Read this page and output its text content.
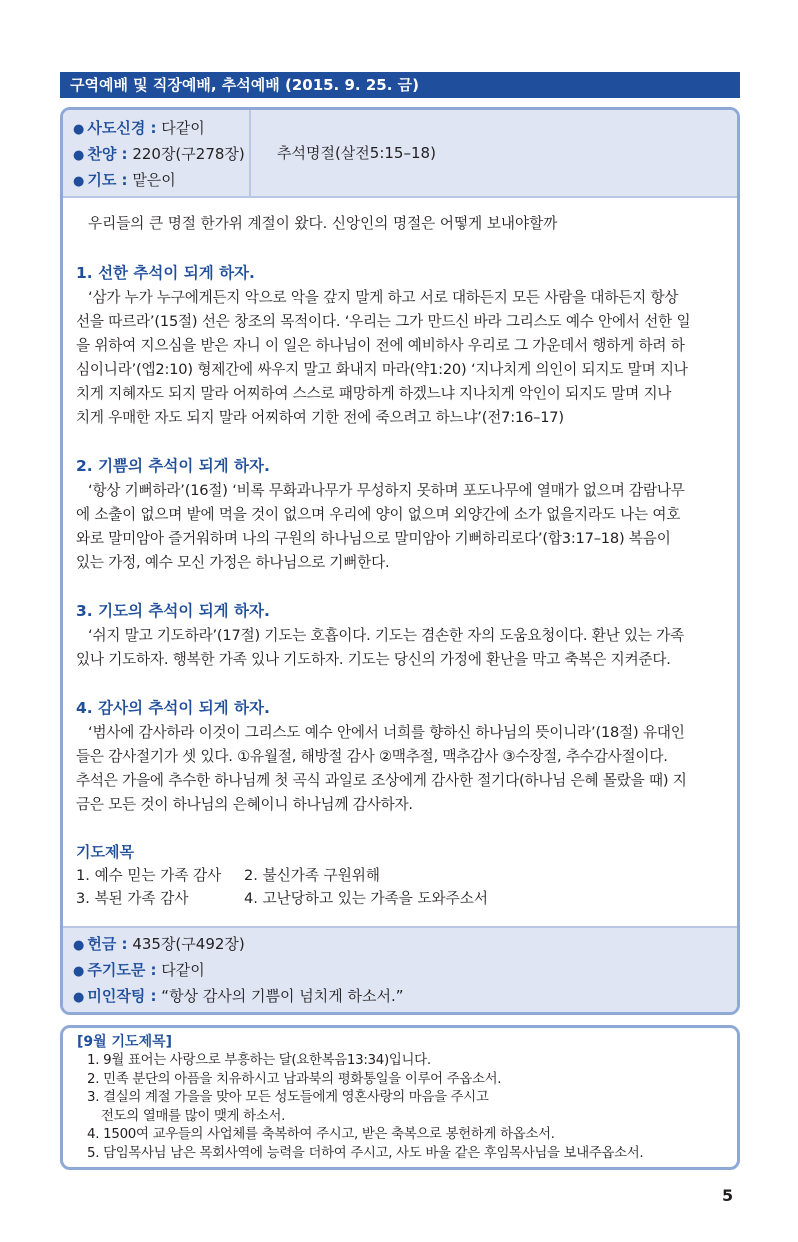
구역예배 및 직장예배, 추석예배 (2015. 9. 25. 금)
● 사도신경 : 다같이
● 찬양 : 220장(구278장)
● 기도 : 맡은이
추석명절(살전5:15–18)
우리들의 큰 명절 한가위 계절이 왔다. 신앙인의 명절은 어떻게 보내야할까
1. 선한 추석이 되게 하자.
‘삼가 누가 누구에게든지 악으로 악을 갚지 말게 하고 서로 대하든지 모든 사람을 대하든지 항상
선을 따르라’(15절) 선은 창조의 목적이다. ‘우리는 그가 만드신 바라 그리스도 예수 안에서 선한 일
을 위하여 지으심을 받은 자니 이 일은 하나님이 전에 예비하사 우리로 그 가운데서 행하게 하려 하
심이니라’(엡2:10) 형제간에 싸우지 말고 화내지 마라(약1:20) ‘지나치게 의인이 되지도 말며 지나
치게 지혜자도 되지 말라 어찌하여 스스로 패망하게 하겠느냐 지나치게 악인이 되지도 말며 지나
치게 우매한 자도 되지 말라 어찌하여 기한 전에 죽으려고 하느냐’(전7:16–17)
2. 기쁨의 추석이 되게 하자.
‘항상 기뻐하라’(16절) ‘비록 무화과나무가 무성하지 못하며 포도나무에 열매가 없으며 감람나무
에 소출이 없으며 밭에 먹을 것이 없으며 우리에 양이 없으며 외양간에 소가 없을지라도 나는 여호
와로 말미암아 즐거워하며 나의 구원의 하나님으로 말미암아 기뻐하리로다’(합3:17–18) 복음이
있는 가정, 예수 모신 가정은 하나님으로 기뻐한다.
3. 기도의 추석이 되게 하자.
‘쉬지 말고 기도하라’(17절) 기도는 호흡이다. 기도는 겸손한 자의 도움요청이다. 환난 있는 가족
있나 기도하자. 행복한 가족 있나 기도하자. 기도는 당신의 가정에 환난을 막고 축복은 지켜준다.
4. 감사의 추석이 되게 하자.
‘범사에 감사하라 이것이 그리스도 예수 안에서 너희를 향하신 하나님의 뜻이니라’(18절) 유대인
들은 감사절기가 셋 있다. ①유월절, 해방절 감사 ②맥추절, 맥추감사 ③수장절, 추수감사절이다.
추석은 가을에 추수한 하나님께 첫 곡식 과일로 조상에게 감사한 절기다(하나님 은혜 몰랐을 때) 지
금은 모든 것이 하나님의 은혜이니 하나님께 감사하자.
기도제목
1. 예수 믿는 가족 감사	2. 불신가족 구원위해
3. 복된 가족 감사	4. 고난당하고 있는 가족을 도와주소서
● 헌금 : 435장(구492장)
● 주기도문 : 다같이
● 미인작팅 : “항상 감사의 기쁨이 넘치게 하소서.”
[9월 기도제목]
1. 9월 표어는 사랑으로 부흥하는 달(요한복음13:34)입니다.
2. 민족 분단의 아픔을 치유하시고 남과북의 평화통일을 이루어 주옵소서.
3. 결실의 계절 가을을 맞아 모든 성도들에게 영혼사랑의 마음을 주시고
전도의 열매를 많이 맺게 하소서.
4. 1500여 교우들의 사업체를 축복하여 주시고, 받은 축복으로 봉헌하게 하옵소서.
5. 담임목사님 남은 목회사역에 능력을 더하여 주시고, 사도 바울 같은 후임목사님을 보내주옵소서.
5
